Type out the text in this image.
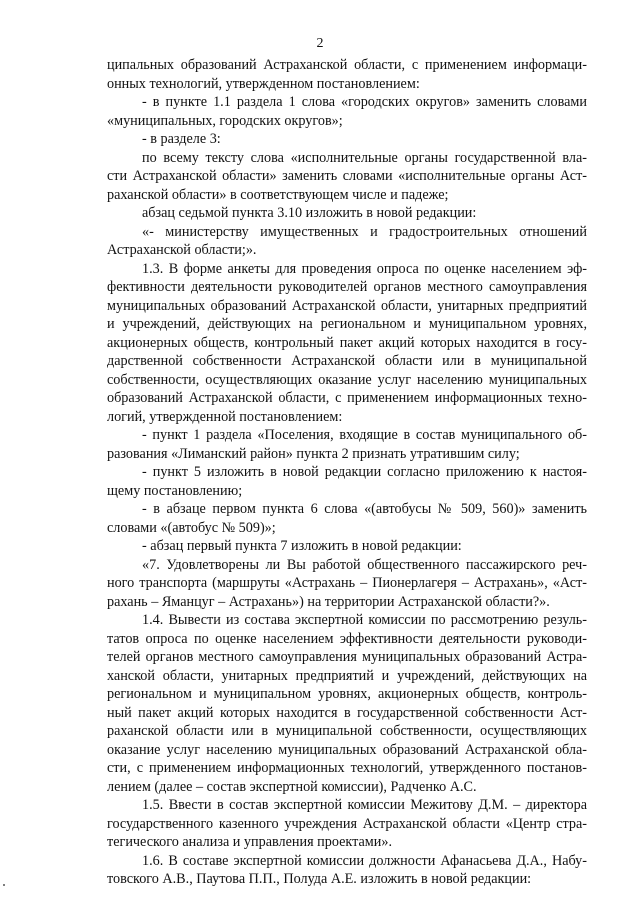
2
ципальных образований Астраханской области, с применением информаци-
онных технологий, утвержденном постановлением:
- в пункте 1.1 раздела 1 слова «городских округов» заменить словами
«муниципальных, городских округов»;
- в разделе 3:
по всему тексту слова «исполнительные органы государственной вла-
сти Астраханской области» заменить словами «исполнительные органы Аст-
раханской области» в соответствующем числе и падеже;
абзац седьмой пункта 3.10 изложить в новой редакции:
«- министерству имущественных и градостроительных отношений
Астраханской области;».
1.3. В форме анкеты для проведения опроса по оценке населением эф-
фективности деятельности руководителей органов местного самоуправления
муниципальных образований Астраханской области, унитарных предприятий
и учреждений, действующих на региональном и муниципальном уровнях,
акционерных обществ, контрольный пакет акций которых находится в госу-
дарственной собственности Астраханской области или в муниципальной
собственности, осуществляющих оказание услуг населению муниципальных
образований Астраханской области, с применением информационных техно-
логий, утвержденной постановлением:
- пункт 1 раздела «Поселения, входящие в состав муниципального об-
разования «Лиманский район» пункта 2 признать утратившим силу;
- пункт 5 изложить в новой редакции согласно приложению к настоя-
щему постановлению;
- в абзаце первом пункта 6 слова «(автобусы № 509, 560)» заменить
словами «(автобус № 509)»;
- абзац первый пункта 7 изложить в новой редакции:
«7. Удовлетворены ли Вы работой общественного пассажирского реч-
ного транспорта (маршруты «Астрахань – Пионерлагеря – Астрахань», «Аст-
рахань – Яманцуг – Астрахань») на территории Астраханской области?».
1.4. Вывести из состава экспертной комиссии по рассмотрению резуль-
татов опроса по оценке населением эффективности деятельности руководи-
телей органов местного самоуправления муниципальных образований Астра-
ханской области, унитарных предприятий и учреждений, действующих на
региональном и муниципальном уровнях, акционерных обществ, контроль-
ный пакет акций которых находится в государственной собственности Аст-
раханской области или в муниципальной собственности, осуществляющих
оказание услуг населению муниципальных образований Астраханской обла-
сти, с применением информационных технологий, утвержденного постанов-
лением (далее – состав экспертной комиссии), Радченко А.С.
1.5. Ввести в состав экспертной комиссии Межитову Д.М. – директора
государственного казенного учреждения Астраханской области «Центр стра-
тегического анализа и управления проектами».
1.6. В составе экспертной комиссии должности Афанасьева Д.А., Набу-
товского А.В., Паутова П.П., Полуда А.Е. изложить в новой редакции:
